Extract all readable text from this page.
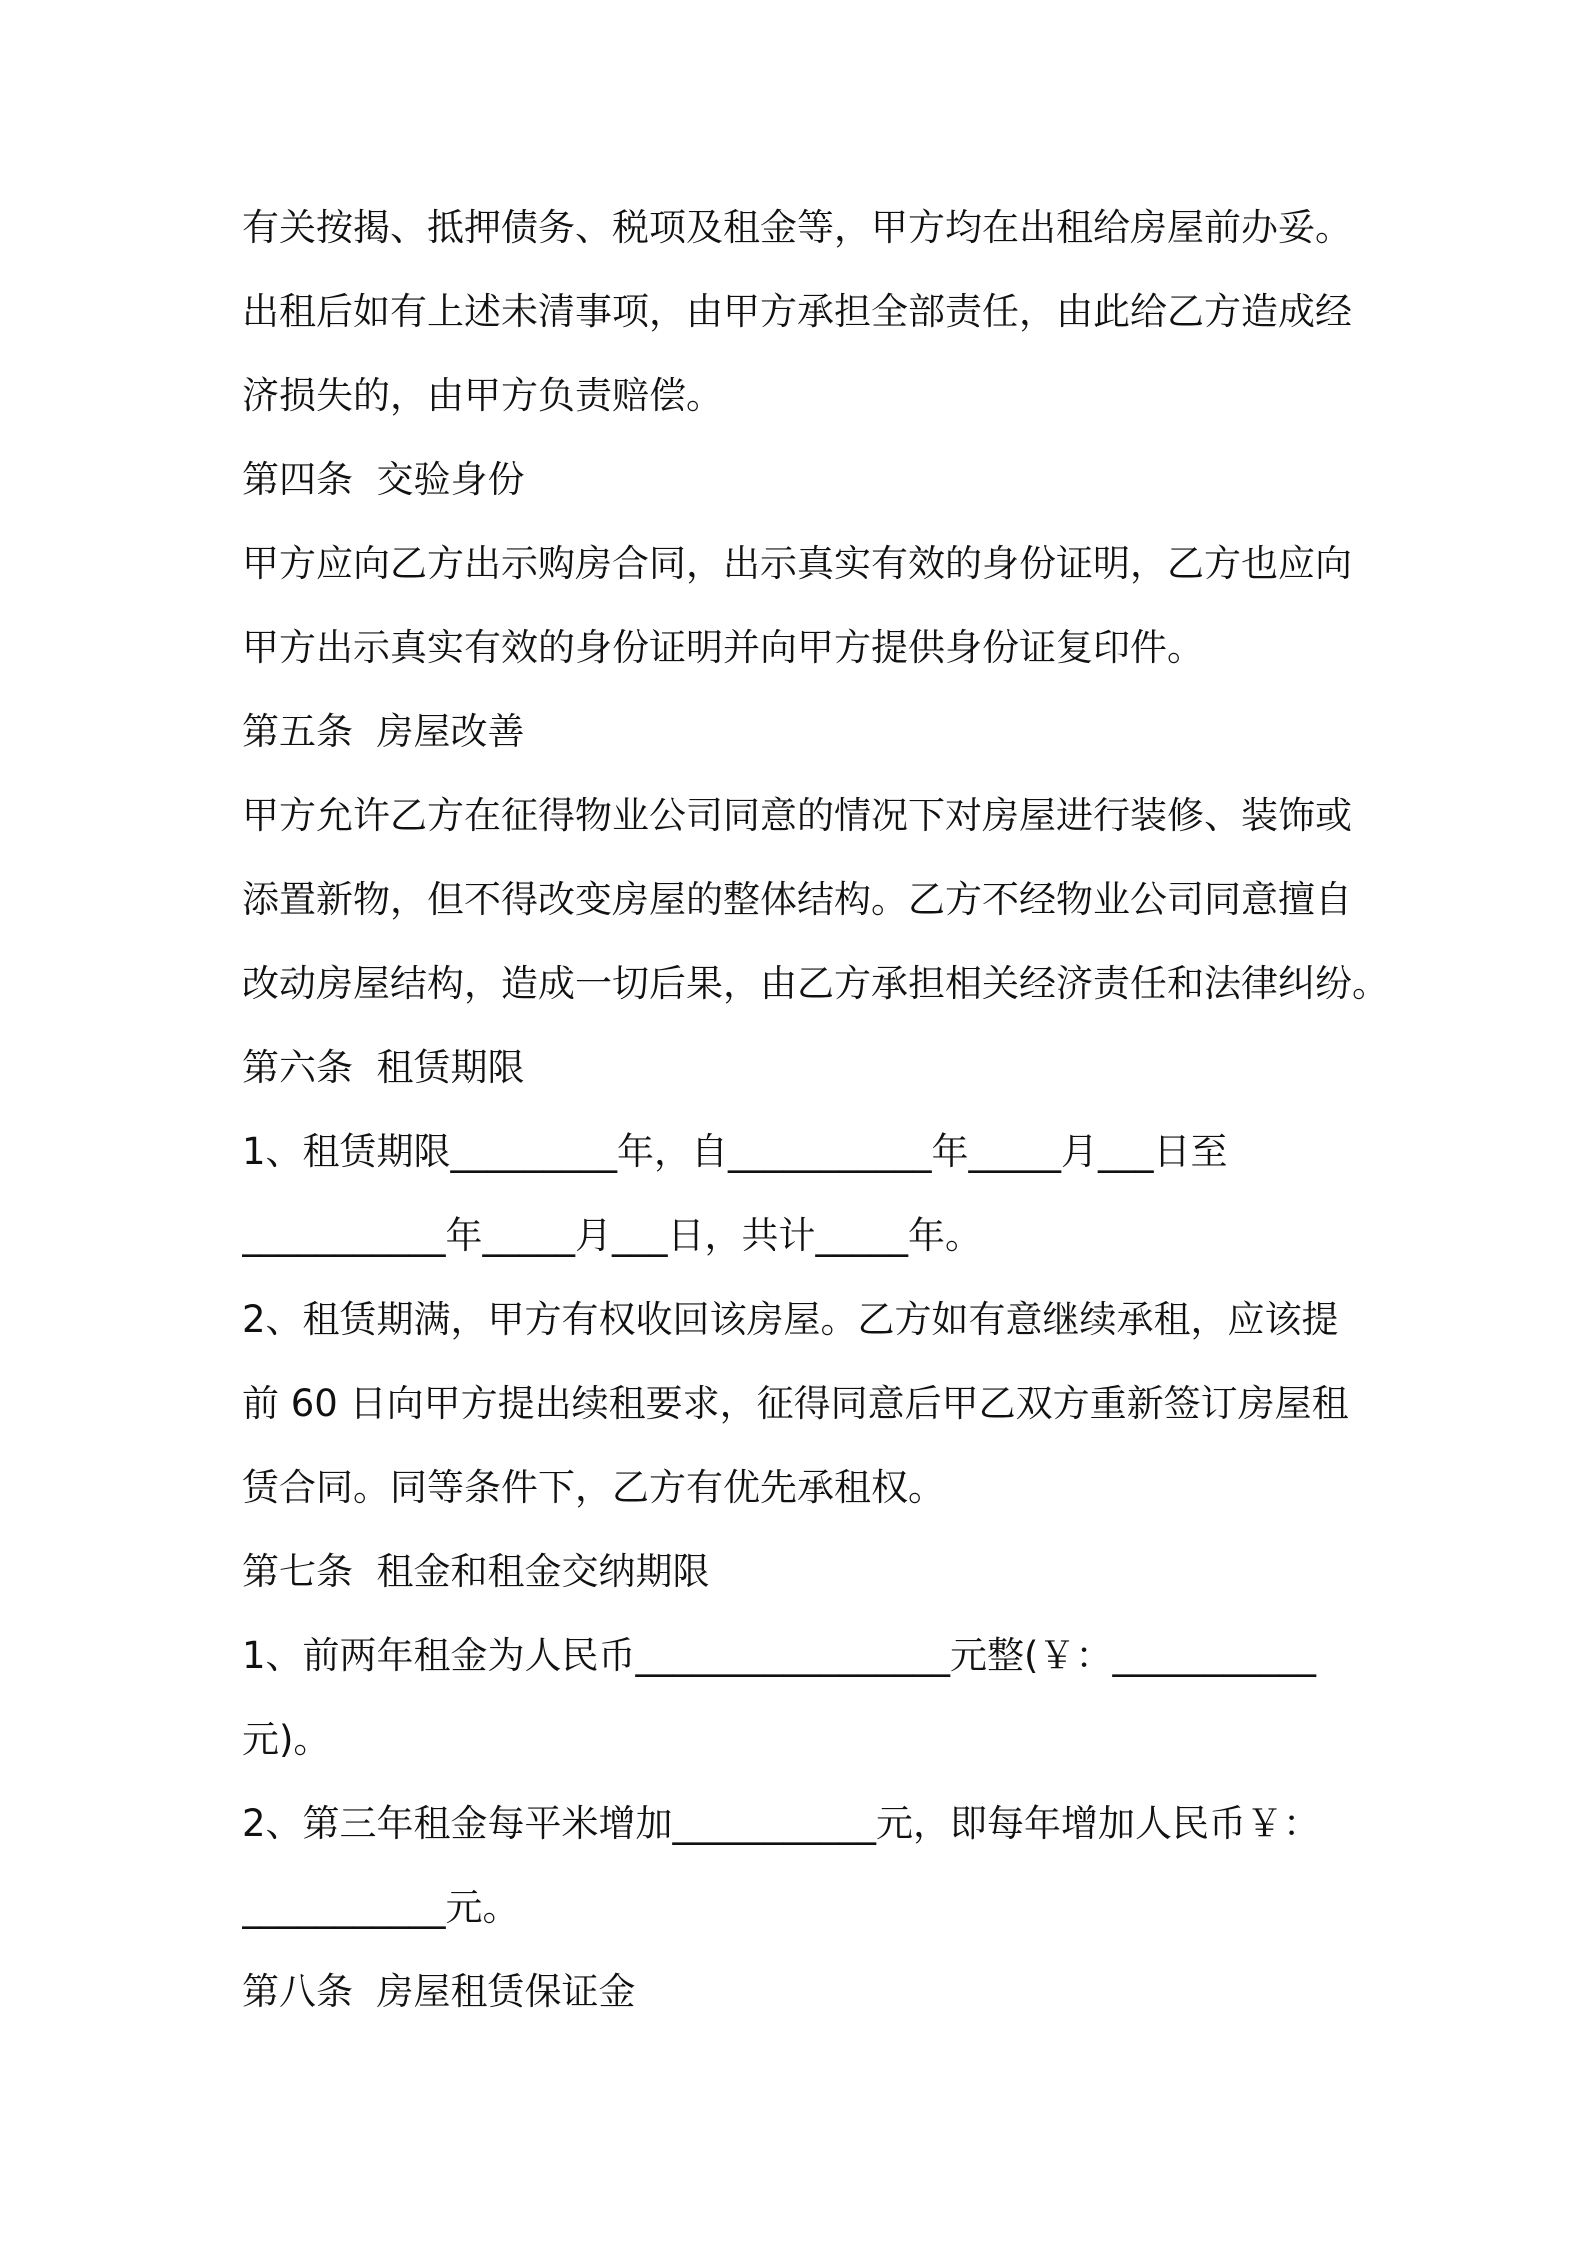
有关按揭、抵押债务、税项及租金等，甲方均在出租给房屋前办妥。
出租后如有上述未清事项，由甲方承担全部责任，由此给乙方造成经
济损失的，由甲方负责赔偿。
第四条  交验身份
甲方应向乙方出示购房合同，出示真实有效的身份证明，乙方也应向
甲方出示真实有效的身份证明并向甲方提供身份证复印件。
第五条  房屋改善
甲方允许乙方在征得物业公司同意的情况下对房屋进行装修、装饰或
添置新物，但不得改变房屋的整体结构。乙方不经物业公司同意擅自
改动房屋结构，造成一切后果，由乙方承担相关经济责任和法律纠纷。
第六条  租赁期限
1、租赁期限_________年，自___________年_____月___日至
___________年_____月___日，共计_____年。
2、租赁期满，甲方有权收回该房屋。乙方如有意继续承租，应该提
前 60 日向甲方提出续租要求，征得同意后甲乙双方重新签订房屋租
赁合同。同等条件下，乙方有优先承租权。
第七条  租金和租金交纳期限
1、前两年租金为人民币_________________元整(￥：___________
元)。
2、第三年租金每平米增加___________元，即每年增加人民币￥：
___________元。
第八条  房屋租赁保证金
